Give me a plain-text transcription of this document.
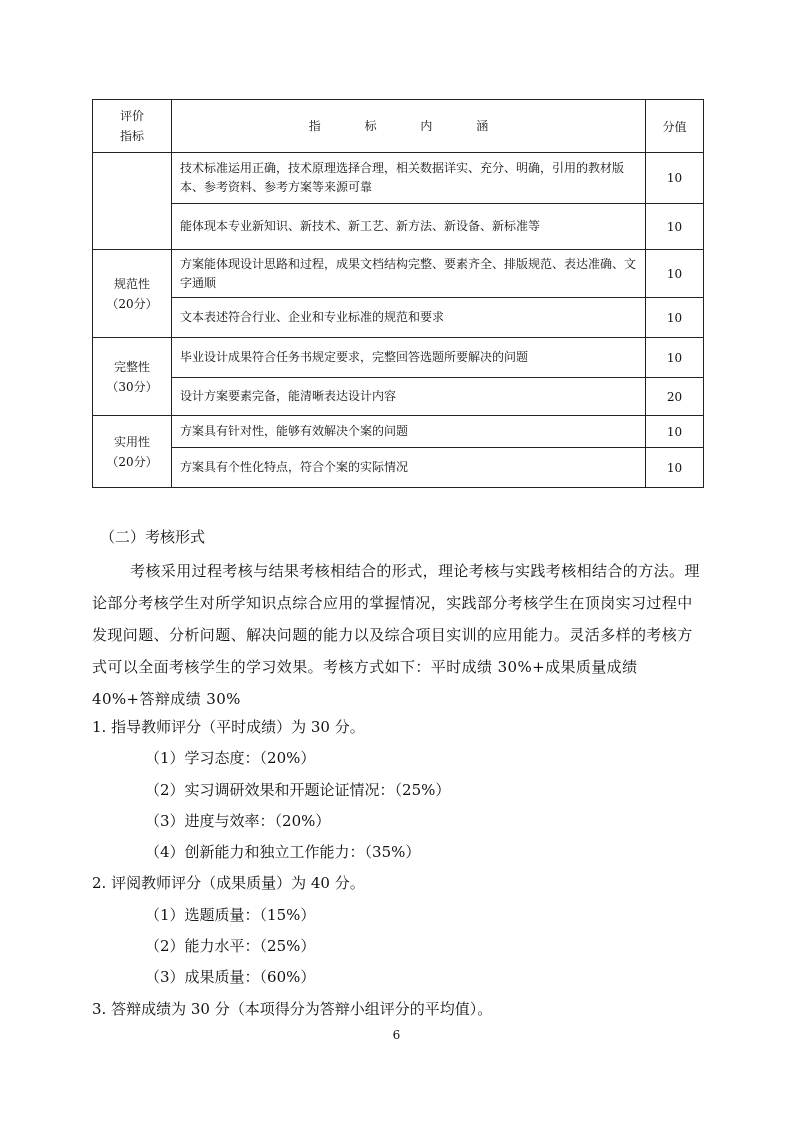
评价
指标	指 标 内 涵	分值
	技术标准运用正确，技术原理选择合理，相关数据详实、充分、明确，引用的教材版本、参考资料、参考方案等来源可靠	10
	能体现本专业新知识、新技术、新工艺、新方法、新设备、新标准等	10
规范性
（20分）	方案能体现设计思路和过程，成果文档结构完整、要素齐全、排版规范、表达准确、文字通顺	10
	文本表述符合行业、企业和专业标准的规范和要求	10
完整性
（30分）	毕业设计成果符合任务书规定要求，完整回答选题所要解决的问题	10
	设计方案要素完备，能清晰表达设计内容	20
实用性
（20分）	方案具有针对性，能够有效解决个案的问题	10
	方案具有个性化特点，符合个案的实际情况	10
（二）考核形式
考核采用过程考核与结果考核相结合的形式，理论考核与实践考核相结合的方法。理论部分考核学生对所学知识点综合应用的掌握情况，实践部分考核学生在顶岗实习过程中发现问题、分析问题、解决问题的能力以及综合项目实训的应用能力。灵活多样的考核方式可以全面考核学生的学习效果。考核方式如下：平时成绩 30%+成果质量成绩 40%+答辩成绩 30%
1. 指导教师评分（平时成绩）为 30 分。
（1）学习态度：（20%）
（2）实习调研效果和开题论证情况：（25%）
（3）进度与效率：（20%）
（4）创新能力和独立工作能力：（35%）
2. 评阅教师评分（成果质量）为 40 分。
（1）选题质量：（15%）
（2）能力水平：（25%）
（3）成果质量：（60%）
3. 答辩成绩为 30 分（本项得分为答辩小组评分的平均值）。
6
